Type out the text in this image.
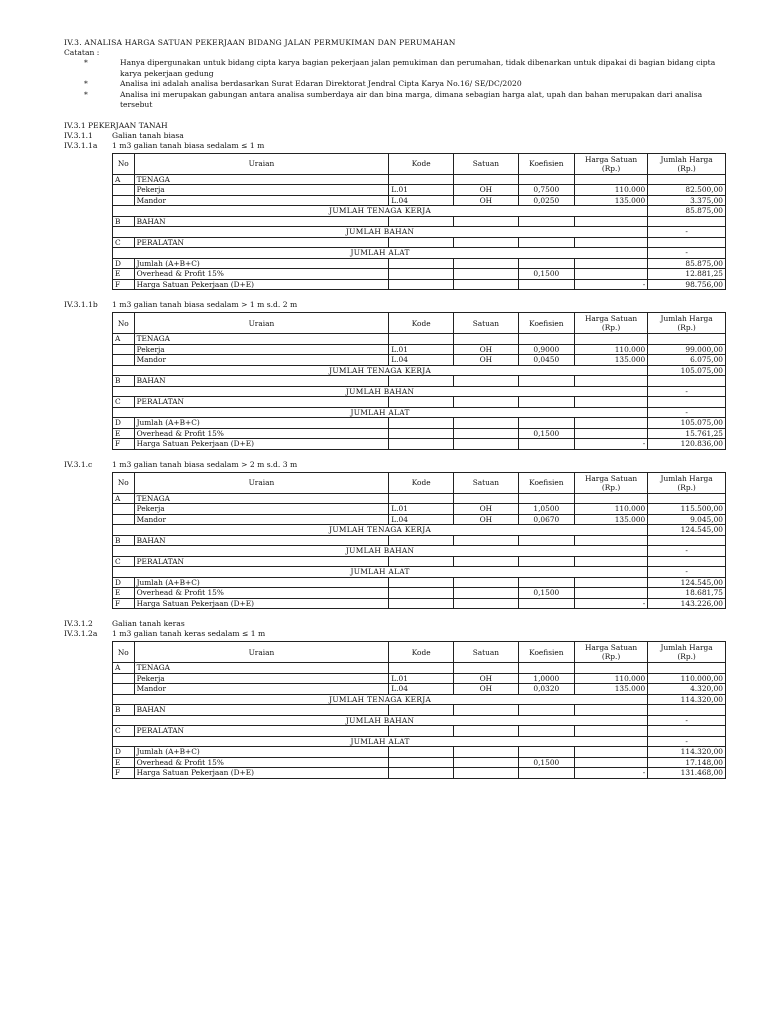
IV.3. ANALISA HARGA SATUAN PEKERJAAN BIDANG JALAN PERMUKIMAN DAN PERUMAHAN
Catatan :
*	Hanya dipergunakan untuk bidang cipta karya bagian pekerjaan jalan pemukiman dan perumahan, tidak dibenarkan untuk dipakai di bagian bidang cipta karya pekerjaan gedung
*	Analisa ini adalah analisa berdasarkan Surat Edaran Direktorat Jendral Cipta Karya No.16/ SE/DC/2020
*	Analisa ini merupakan gabungan antara analisa sumberdaya air dan bina marga, dimana sebagian harga alat, upah dan bahan merupakan dari analisa tersebut
IV.3.1 PEKERJAAN TANAH
IV.3.1.1	Galian tanah biasa
IV.3.1.1a	1 m3 galian tanah biasa sedalam ≤ 1 m
No	Uraian	Kode	Satuan	Koefisien	Harga Satuan (Rp.)	Jumlah Harga (Rp.)
A	TENAGA					
	Pekerja	L.01	OH	0,7500	110.000	82.500,00
	Mandor	L.04	OH	0,0250	135.000	3.375,00
JUMLAH TENAGA KERJA						85.875,00
B	BAHAN					
JUMLAH BAHAN						-
C	PERALATAN					
JUMLAH ALAT						-
D	Jumlah (A+B+C)					85.875,00
E	Overhead & Profit 15%			0,1500		12.881,25
F	Harga Satuan Pekerjaan (D+E)				-	98.756,00
IV.3.1.1b	1 m3 galian tanah biasa sedalam > 1 m s.d. 2 m
No	Uraian	Kode	Satuan	Koefisien	Harga Satuan (Rp.)	Jumlah Harga (Rp.)
A	TENAGA					
	Pekerja	L.01	OH	0,9000	110.000	99.000,00
	Mandor	L.04	OH	0,0450	135.000	6.075,00
JUMLAH TENAGA KERJA						105.075,00
B	BAHAN					
JUMLAH BAHAN						-
C	PERALATAN					
JUMLAH ALAT						-
D	Jumlah (A+B+C)					105.075,00
E	Overhead & Profit 15%			0,1500		15.761,25
F	Harga Satuan Pekerjaan (D+E)				-	120.836,00
IV.3.1.c	1 m3 galian tanah biasa sedalam > 2 m s.d. 3 m
No	Uraian	Kode	Satuan	Koefisien	Harga Satuan (Rp.)	Jumlah Harga (Rp.)
A	TENAGA					
	Pekerja	L.01	OH	1,0500	110.000	115.500,00
	Mandor	L.04	OH	0,0670	135.000	9.045,00
JUMLAH TENAGA KERJA						124.545,00
B	BAHAN					
JUMLAH BAHAN						-
C	PERALATAN					
JUMLAH ALAT						-
D	Jumlah (A+B+C)					124.545,00
E	Overhead & Profit 15%			0,1500		18.681,75
F	Harga Satuan Pekerjaan (D+E)				-	143.226,00
IV.3.1.2	Galian tanah keras
IV.3.1.2a	1 m3 galian tanah keras sedalam ≤ 1 m
No	Uraian	Kode	Satuan	Koefisien	Harga Satuan (Rp.)	Jumlah Harga (Rp.)
A	TENAGA					
	Pekerja	L.01	OH	1,0000	110.000	110.000,00
	Mandor	L.04	OH	0,0320	135.000	4.320,00
JUMLAH TENAGA KERJA						114.320,00
B	BAHAN					
JUMLAH BAHAN						-
C	PERALATAN					
JUMLAH ALAT						-
D	Jumlah (A+B+C)					114.320,00
E	Overhead & Profit 15%			0,1500		17.148,00
F	Harga Satuan Pekerjaan (D+E)				-	131.468,00
